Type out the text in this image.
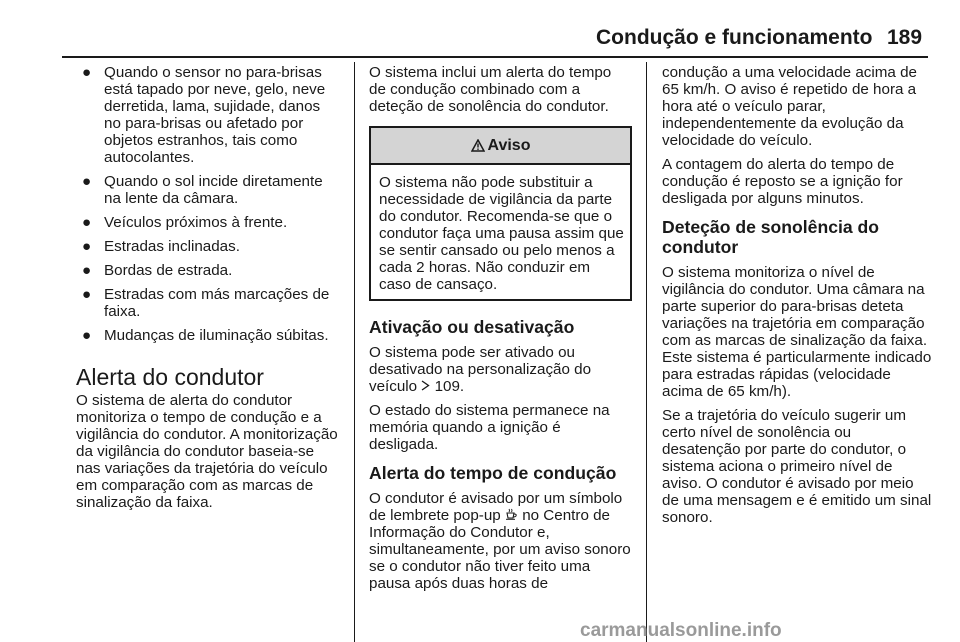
Condução e funcionamento 189
● Quando o sensor no para-brisas está tapado por neve, gelo, neve derretida, lama, sujidade, danos no para-brisas ou afetado por objetos estranhos, tais como autocolantes.
● Quando o sol incide diretamente na lente da câmara.
● Veículos próximos à frente.
● Estradas inclinadas.
● Bordas de estrada.
● Estradas com más marcações de faixa.
● Mudanças de iluminação súbitas.
Alerta do condutor

O sistema de alerta do condutor monitoriza o tempo de condução e a vigilância do condutor. A monitorização da vigilância do condutor baseia-se nas variações da trajetória do veículo em comparação com as marcas de sinalização da faixa.

O sistema inclui um alerta do tempo de condução combinado com a deteção de sonolência do condutor.

Aviso
O sistema não pode substituir a necessidade de vigilância da parte do condutor. Recomenda-se que o condutor faça uma pausa assim que se sentir cansado ou pelo menos a cada 2 horas. Não conduzir em caso de cansaço.
Ativação ou desativação

O sistema pode ser ativado ou desativado na personalização do veículo 109.

O estado do sistema permanece na memória quando a ignição é desligada.

Alerta do tempo de condução

O condutor é avisado por um símbolo de lembrete pop-up no Centro de Informação do Condutor e, simultaneamente, por um aviso sonoro se o condutor não tiver feito uma pausa após duas horas de

condução a uma velocidade acima de 65 km/h. O aviso é repetido de hora a hora até o veículo parar, independentemente da evolução da velocidade do veículo.

A contagem do alerta do tempo de condução é reposto se a ignição for desligada por alguns minutos.

Deteção de sonolência do condutor

O sistema monitoriza o nível de vigilância do condutor. Uma câmara na parte superior do para-brisas deteta variações na trajetória em comparação com as marcas de sinalização da faixa. Este sistema é particularmente indicado para estradas rápidas (velocidade acima de 65 km/h).

Se a trajetória do veículo sugerir um certo nível de sonolência ou desatenção por parte do condutor, o sistema aciona o primeiro nível de aviso. O condutor é avisado por meio de uma mensagem e é emitido um sinal sonoro.

carmanualsonline.info
